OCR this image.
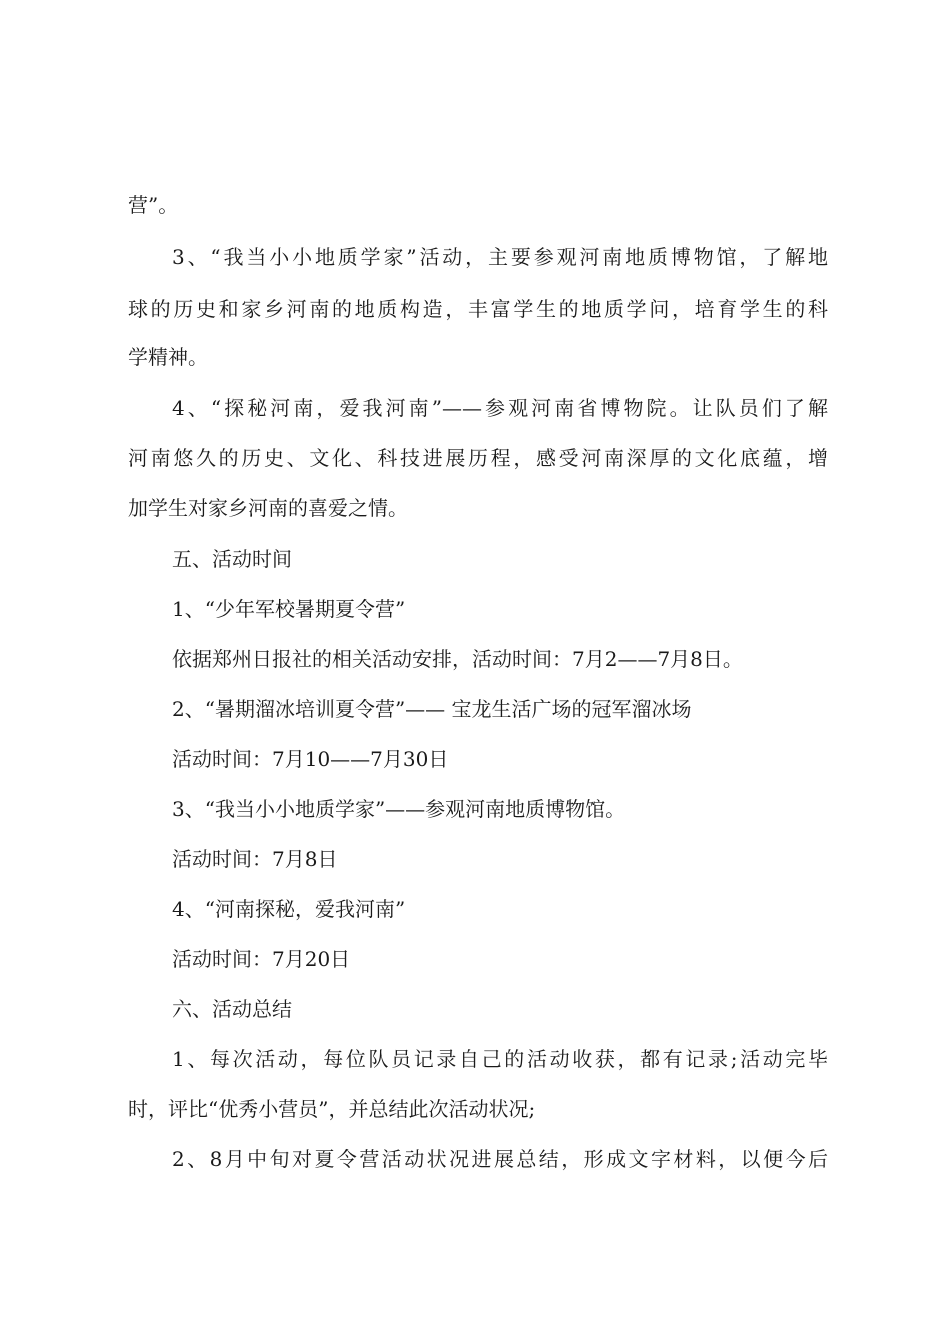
营”。
3、“我当小小地质学家”活动，主要参观河南地质博物馆，了解地
球的历史和家乡河南的地质构造，丰富学生的地质学问，培育学生的科
学精神。
4、“探秘河南，爱我河南”——参观河南省博物院。让队员们了解
河南悠久的历史、文化、科技进展历程，感受河南深厚的文化底蕴，增
加学生对家乡河南的喜爱之情。
五、活动时间
1、“少年军校暑期夏令营”
依据郑州日报社的相关活动安排，活动时间：7月2——7月8日。
2、“暑期溜冰培训夏令营”—— 宝龙生活广场的冠军溜冰场
活动时间：7月10——7月30日
3、“我当小小地质学家”——参观河南地质博物馆。
活动时间：7月8日
4、“河南探秘，爱我河南”
活动时间：7月20日
六、活动总结
1、每次活动，每位队员记录自己的活动收获，都有记录;活动完毕
时，评比“优秀小营员”，并总结此次活动状况;
2、8月中旬对夏令营活动状况进展总结，形成文字材料，以便今后
